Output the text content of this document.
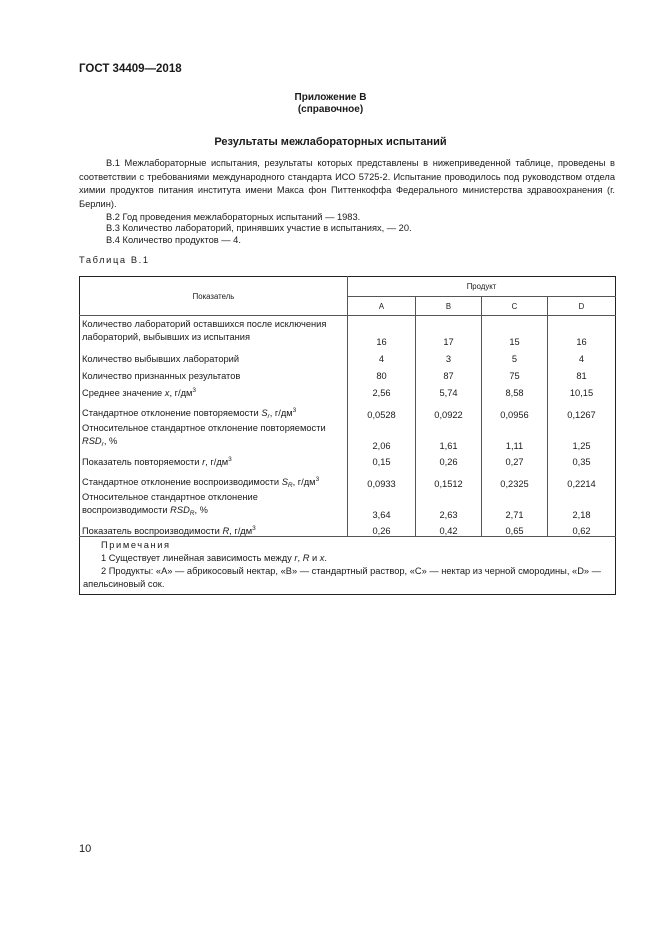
ГОСТ 34409—2018
Приложение В
(справочное)
Результаты межлабораторных испытаний
В.1 Межлабораторные испытания, результаты которых представлены в нижеприведенной таблице, проведены в соответствии с требованиями международного стандарта ИСО 5725-2. Испытание проводилось под руководством отдела химии продуктов питания института имени Макса фон Питтенкоффа Федерального министерства здравоохранения (г. Берлин).
В.2 Год проведения межлабораторных испытаний — 1983.
В.3 Количество лабораторий, принявших участие в испытаниях, — 20.
В.4 Количество продуктов — 4.
Таблица В.1
Показатель	Продукт			
	A	B	C	D
Количество лабораторий оставшихся после исключения лабораторий, выбывших из испытания	16	17	15	16
Количество выбывших лабораторий	4	3	5	4
Количество признанных результатов	80	87	75	81
Среднее значение x, $г/дм^3$	2,56	5,74	8,58	10,15
Стандартное отклонение повторяемости $S_r$, $г/дм^3$	0,0528	0,0922	0,0956	0,1267
Относительное стандартное отклонение повторяемости $RSD_r$, %	2,06	1,61	1,11	1,25
Показатель повторяемости r, $г/дм^3$	0,15	0,26	0,27	0,35
Стандартное отклонение воспроизводимости $S_R$, $г/дм^3$	0,0933	0,1512	0,2325	0,2214
Относительное стандартное отклонение воспроизводимости $RSD_R$, %	3,64	2,63	2,71	2,18
Показатель воспроизводимости R, $г/дм^3$	0,26	0,42	0,65	0,62

Примечания
1 Существует линейная зависимость между r, R и x.
2 Продукты: «А» — абрикосовый нектар, «В» — стандартный раствор, «С» — нектар из черной смородины, «D» — апельсиновый сок.				
10
